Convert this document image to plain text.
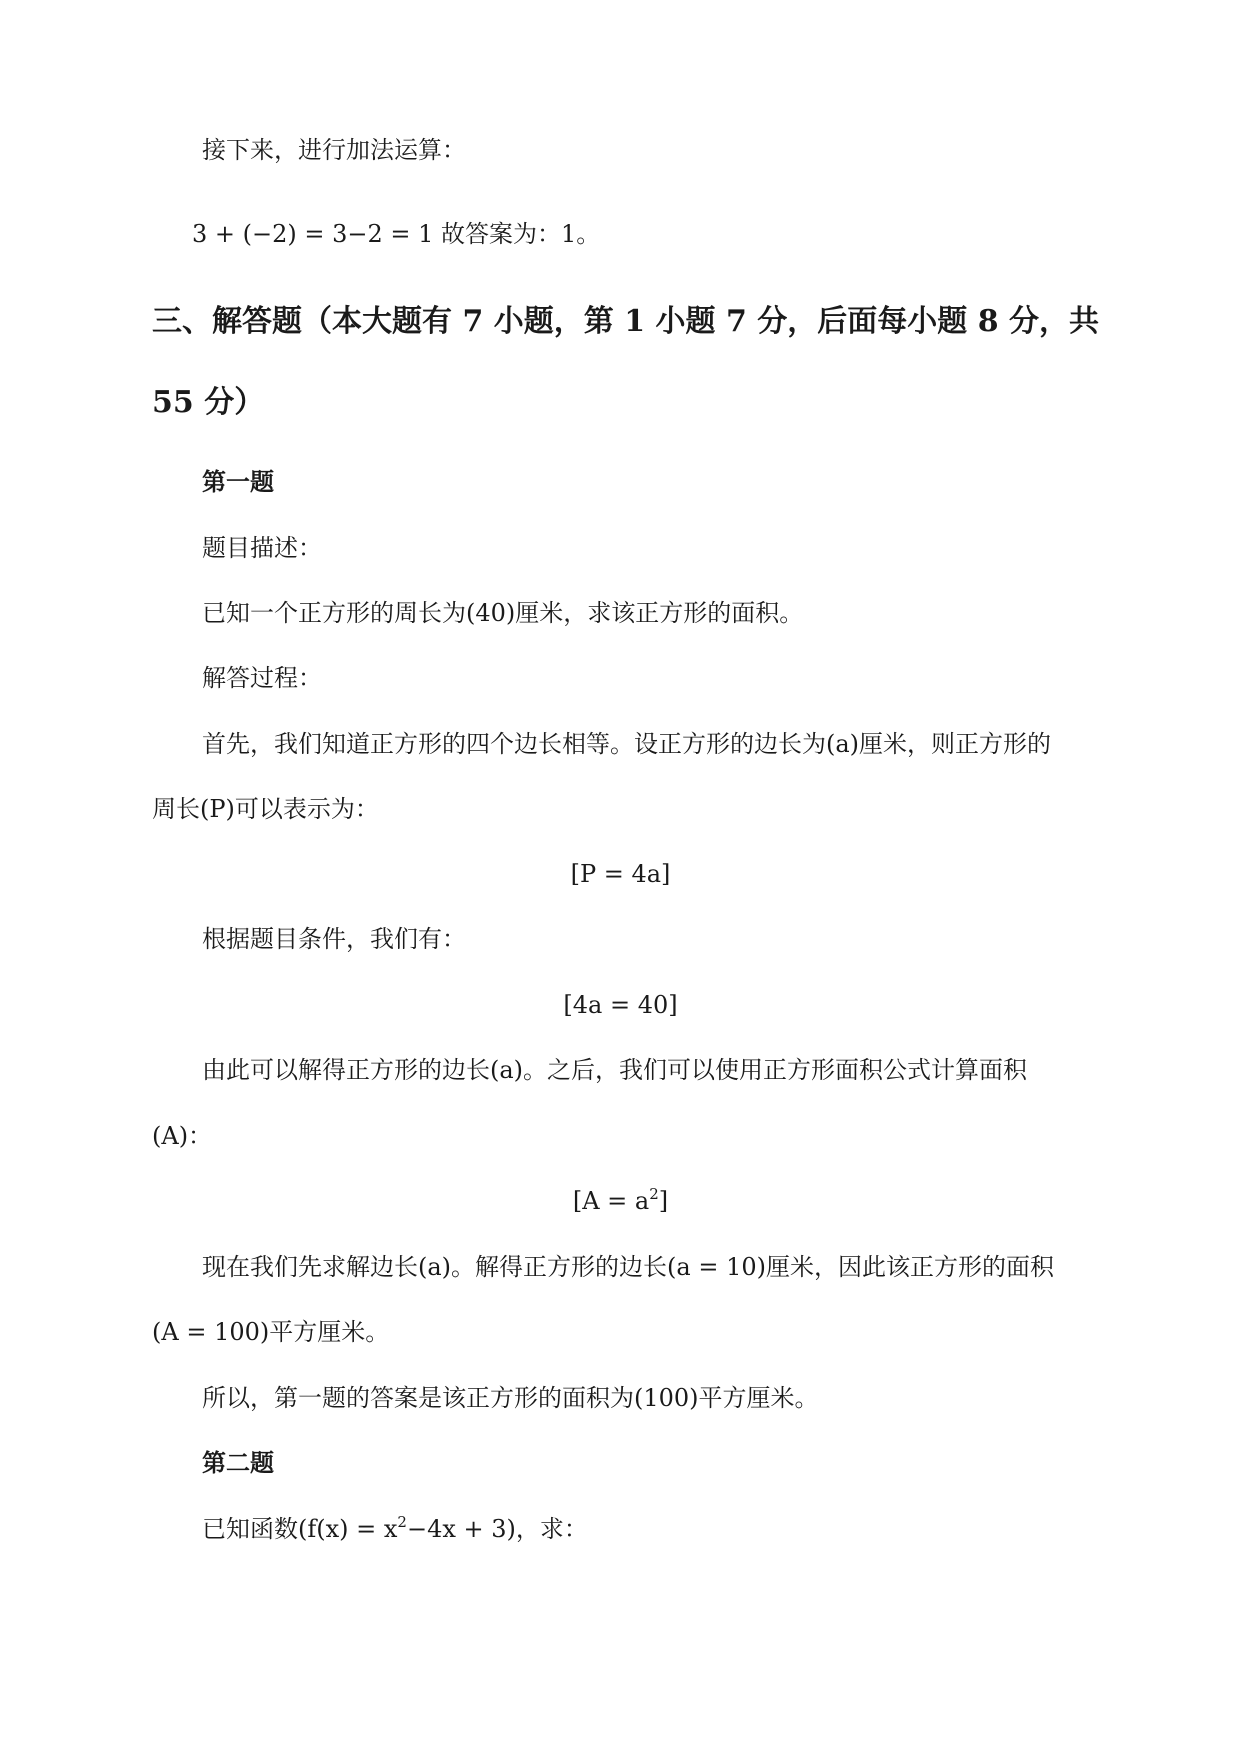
接下来，进行加法运算：
3 + (−2) = 3−2 = 1 故答案为：1。
三、解答题（本大题有 7 小题，第 1 小题 7 分，后面每小题 8 分，共
55 分）
第一题
题目描述：
已知一个正方形的周长为(40)厘米，求该正方形的面积。
解答过程：
首先，我们知道正方形的四个边长相等。设正方形的边长为(a)厘米，则正方形的
周长(P)可以表示为：
[P = 4a]
根据题目条件，我们有：
[4a = 40]
由此可以解得正方形的边长(a)。之后，我们可以使用正方形面积公式计算面积
(A)：
$[A = a^2]$
现在我们先求解边长(a)。解得正方形的边长(a = 10)厘米，因此该正方形的面积
(A = 100)平方厘米。
所以，第一题的答案是该正方形的面积为(100)平方厘米。
第二题
已知函数$(f(x) = x^2-4x + 3)$，求：
